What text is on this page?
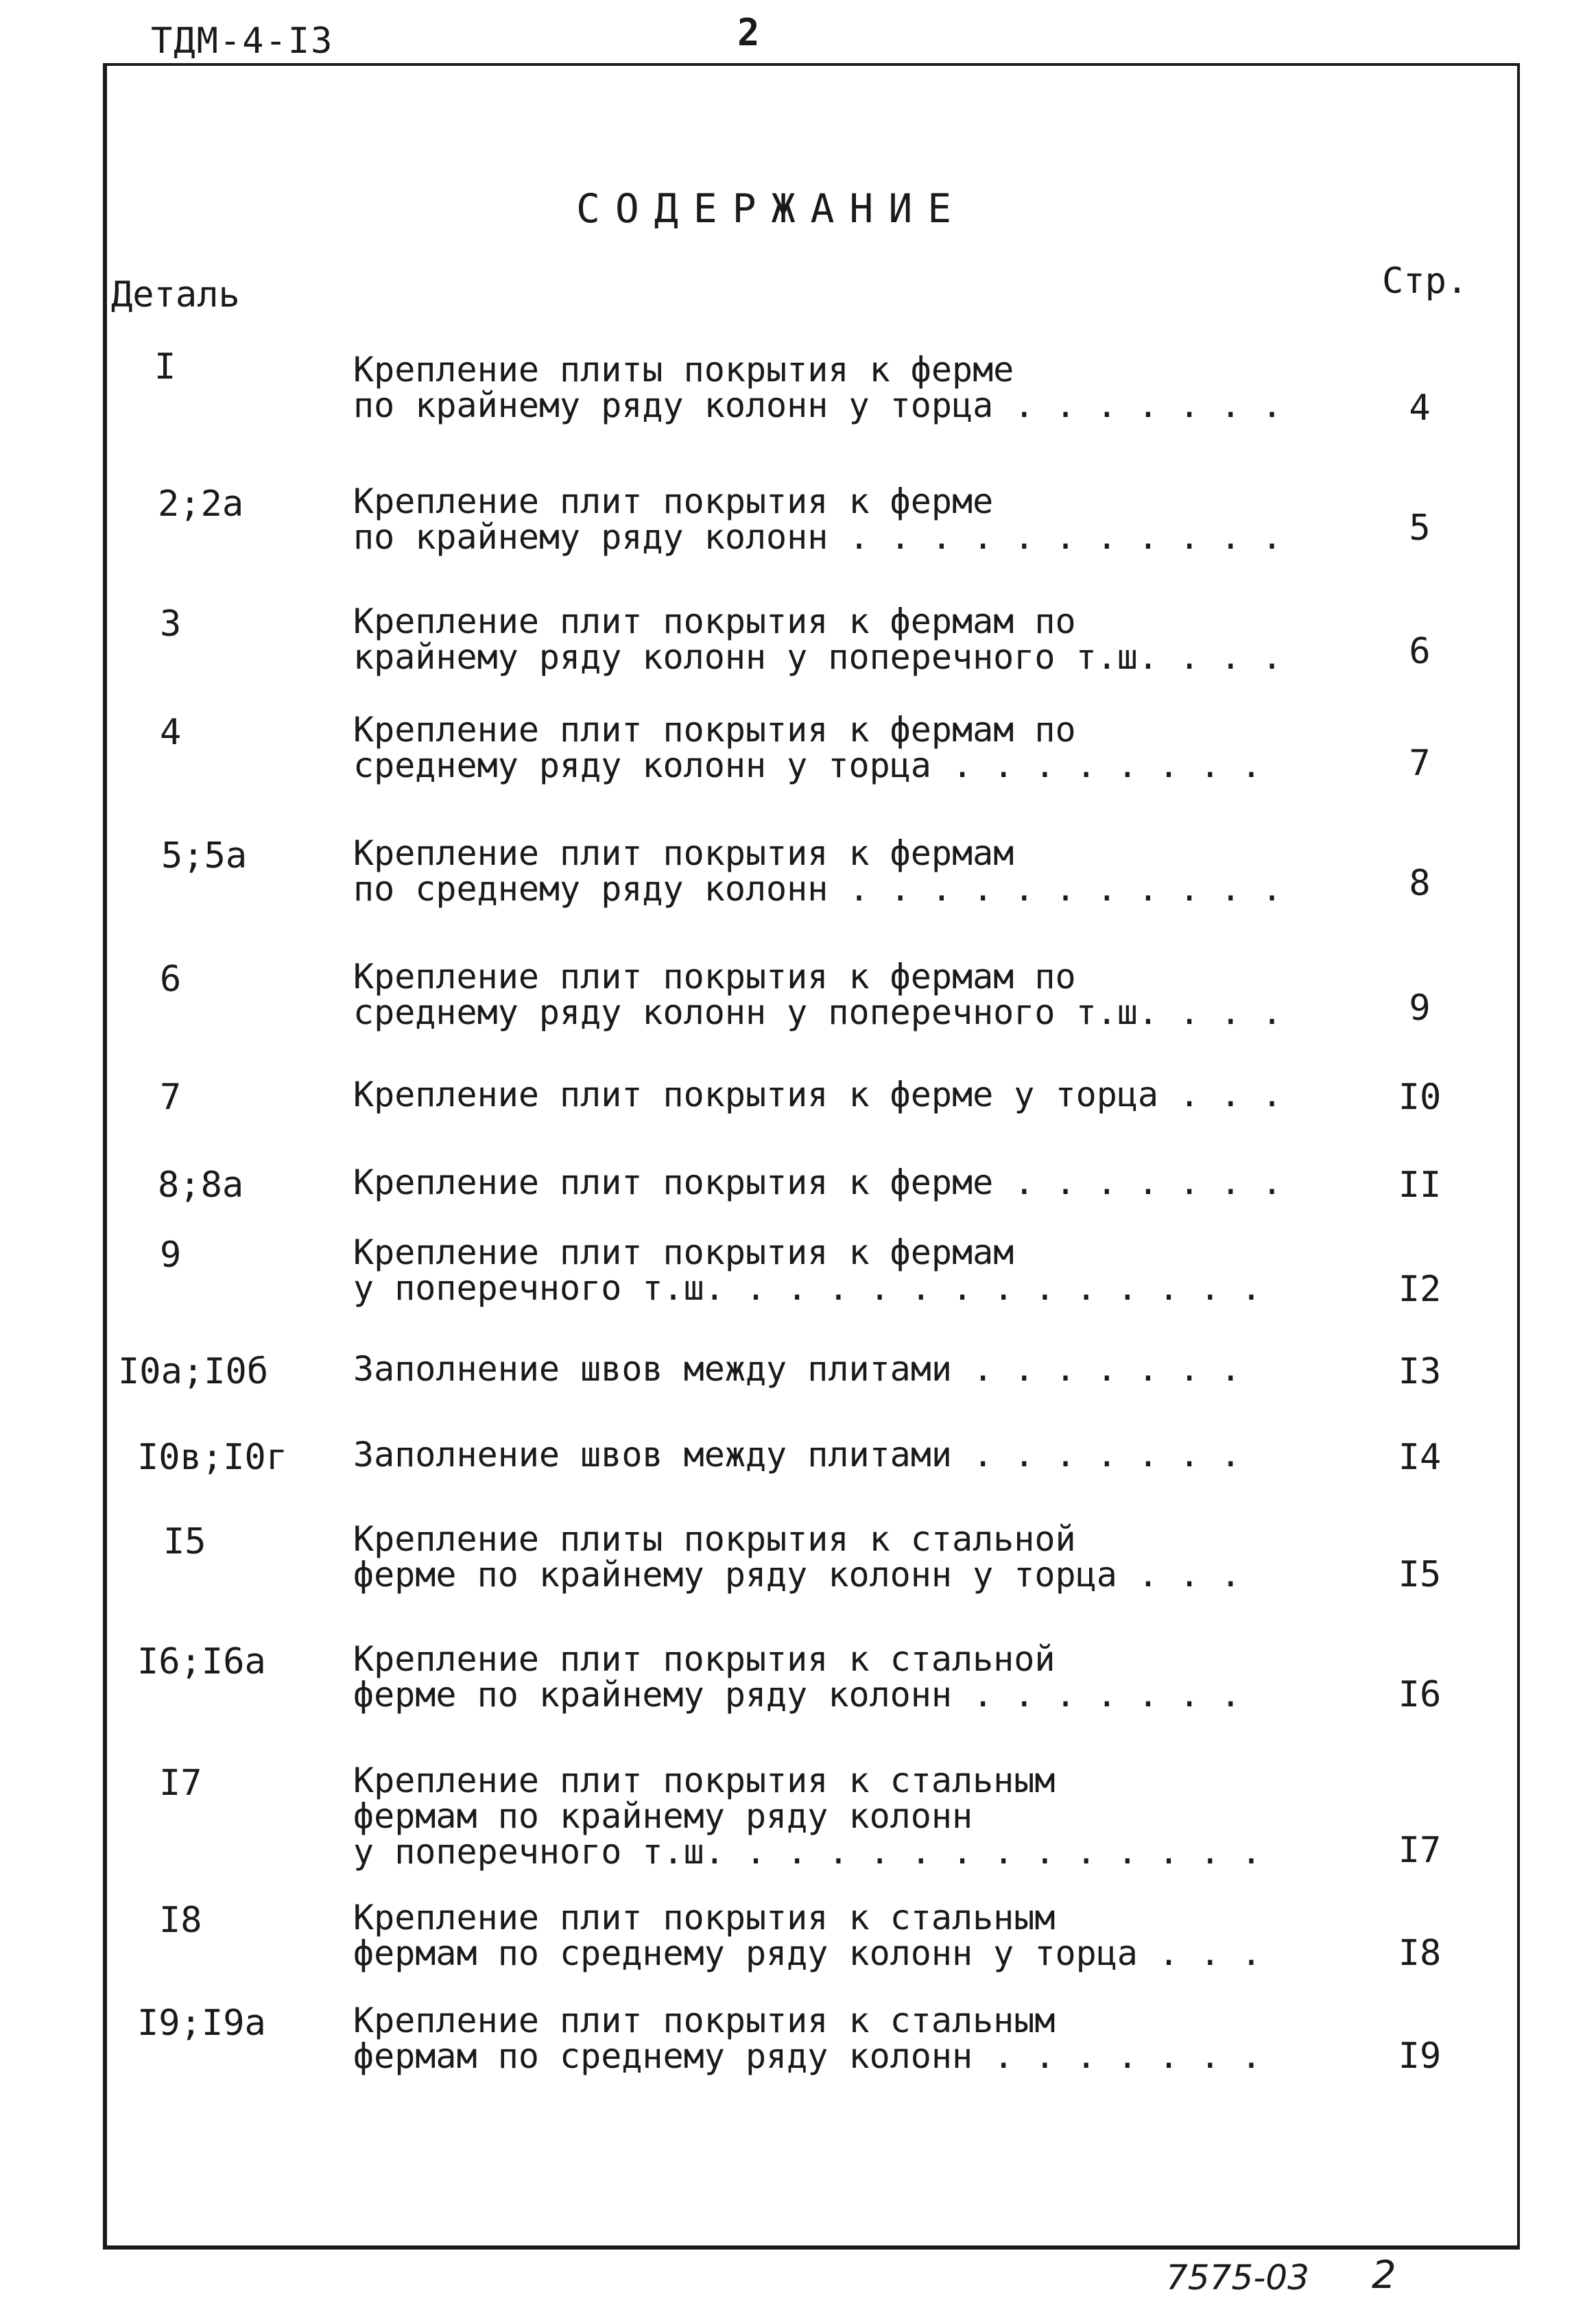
ТДМ-4-I3	2
СОДЕРЖАНИЕ
Деталь	Стр.
I	Крепление плиты покрытия к ферме
по крайнему ряду колонн у торца . . . . . . .	4
2;2а	Крепление плит покрытия к ферме
по крайнему ряду колонн . . . . . . . . . . .	5
3	Крепление плит покрытия к фермам по
крайнему ряду колонн у поперечного т.ш. . . .	6
4	Крепление плит покрытия к фермам по
среднему ряду колонн у торца . . . . . . . .	7
5;5а	Крепление плит покрытия к фермам
по среднему ряду колонн . . . . . . . . . . .	8
6	Крепление плит покрытия к фермам по
среднему ряду колонн у поперечного т.ш. . . .	9
7	Крепление плит покрытия к ферме у торца . . .	I0
8;8а	Крепление плит покрытия к ферме . . . . . . .	II
9	Крепление плит покрытия к фермам
у поперечного т.ш. . . . . . . . . . . . . .	I2
I0а;I0б Заполнение швов между плитами . . . . . . .	I3
I0в;I0г Заполнение швов между плитами . . . . . . .	I4
I5	Крепление плиты покрытия к стальной
ферме по крайнему ряду колонн у торца . . .	I5
I6;I6а	Крепление плит покрытия к стальной
ферме по крайнему ряду колонн . . . . . . .	I6
I7	Крепление плит покрытия к стальным
фермам по крайнему ряду колонн
у поперечного т.ш. . . . . . . . . . . . . .	I7
I8	Крепление плит покрытия к стальным
фермам по среднему ряду колонн у торца . . .	I8
I9;I9а	Крепление плит покрытия к стальным
фермам по среднему ряду колонн . . . . . . .	I9
7575-03 2
